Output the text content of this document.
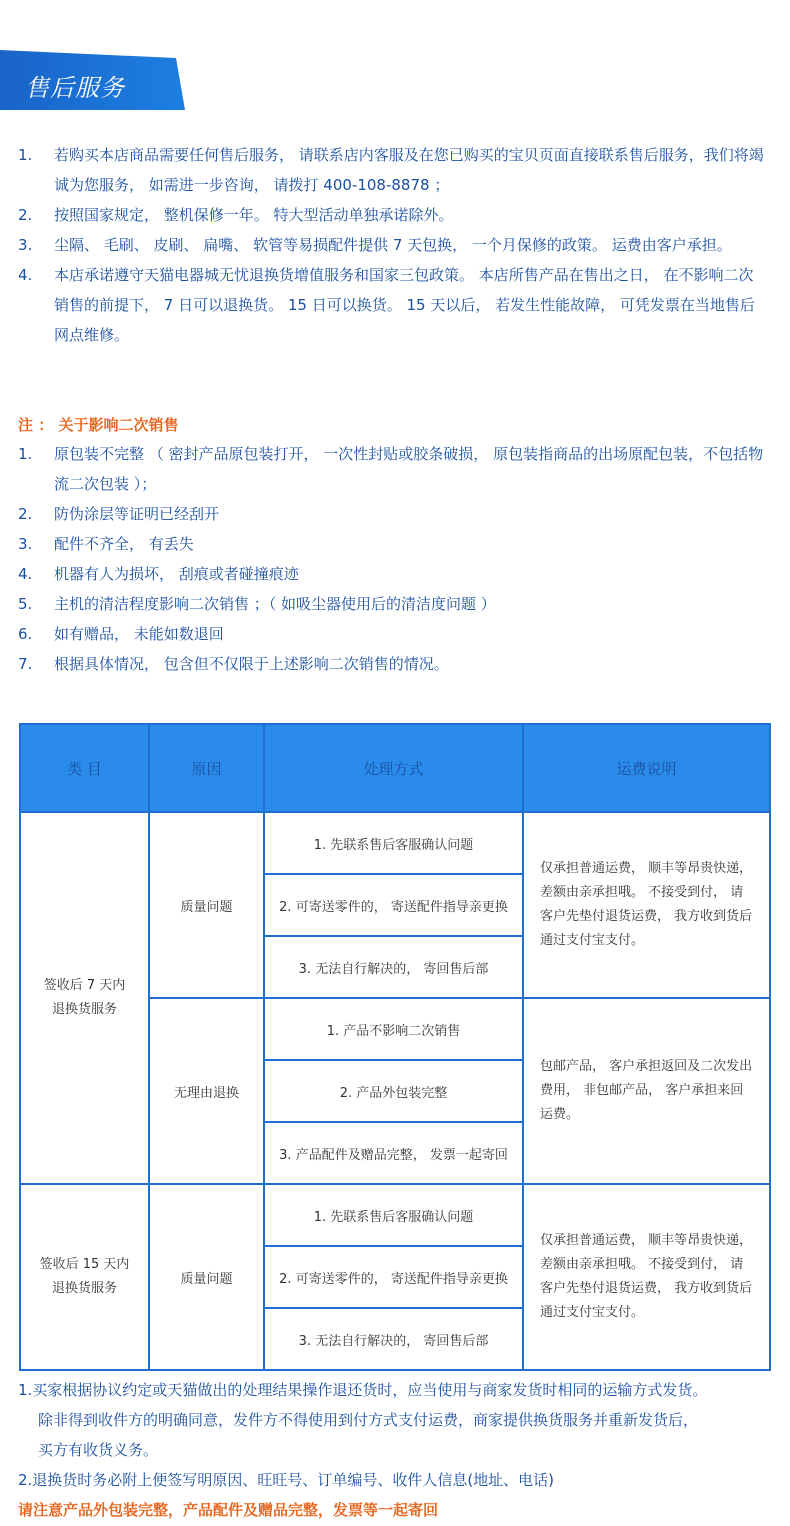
售后服务
1. 若购买本店商品需要任何售后服务， 请联系店内客服及在您已购买的宝贝页面直接联系售后服务，我们将竭诚为您服务， 如需进一步咨询， 请拨打 400-108-8878 ；
2. 按照国家规定， 整机保修一年。 特大型活动单独承诺除外。
3. 尘隔、 毛刷、 皮刷、 扁嘴、 软管等易损配件提供 7 天包换， 一个月保修的政策。 运费由客户承担。
4. 本店承诺遵守天猫电器城无忧退换货增值服务和国家三包政策。 本店所售产品在售出之日， 在不影响二次销售的前提下， 7 日可以退换货。 15 日可以换货。 15 天以后， 若发生性能故障， 可凭发票在当地售后网点维修。
注 ： 关于影响二次销售
1. 原包装不完整 （ 密封产品原包装打开， 一次性封贴或胶条破损， 原包装指商品的出场原配包装，不包括物流二次包装 ）；
2. 防伪涂层等证明已经刮开
3. 配件不齐全， 有丢失
4. 机器有人为损坏， 刮痕或者碰撞痕迹
5. 主机的清洁程度影响二次销售 ；（ 如吸尘器使用后的清洁度问题 ）
6. 如有赠品， 未能如数退回
7. 根据具体情况， 包含但不仅限于上述影响二次销售的情况。
类 目	原因	处理方式	运费说明
签收后 7 天内
退换货服务	质量问题	1. 先联系售后客服确认问题	仅承担普通运费， 顺丰等昂贵快递，差额由亲承担哦。 不接受到付， 请客户先垫付退货运费， 我方收到货后通过支付宝支付。
		2. 可寄送零件的， 寄送配件指导亲更换	
		3. 无法自行解决的， 寄回售后部	
	无理由退换	1. 产品不影响二次销售	包邮产品， 客户承担返回及二次发出费用， 非包邮产品， 客户承担来回运费。
		2. 产品外包装完整	
		3. 产品配件及赠品完整， 发票一起寄回	
签收后 15 天内
退换货服务	质量问题	1. 先联系售后客服确认问题	仅承担普通运费， 顺丰等昂贵快递，差额由亲承担哦。 不接受到付， 请客户先垫付退货运费， 我方收到货后通过支付宝支付。
		2. 可寄送零件的， 寄送配件指导亲更换	
		3. 无法自行解决的， 寄回售后部	
1.买家根据协议约定或天猫做出的处理结果操作退还货时，应当使用与商家发货时相同的运输方式发货。
除非得到收件方的明确同意，发件方不得使用到付方式支付运费，商家提供换货服务并重新发货后，
买方有收货义务。
2.退换货时务必附上便签写明原因、旺旺号、订单编号、收件人信息(地址、电话)
请注意产品外包装完整，产品配件及赠品完整，发票等一起寄回
